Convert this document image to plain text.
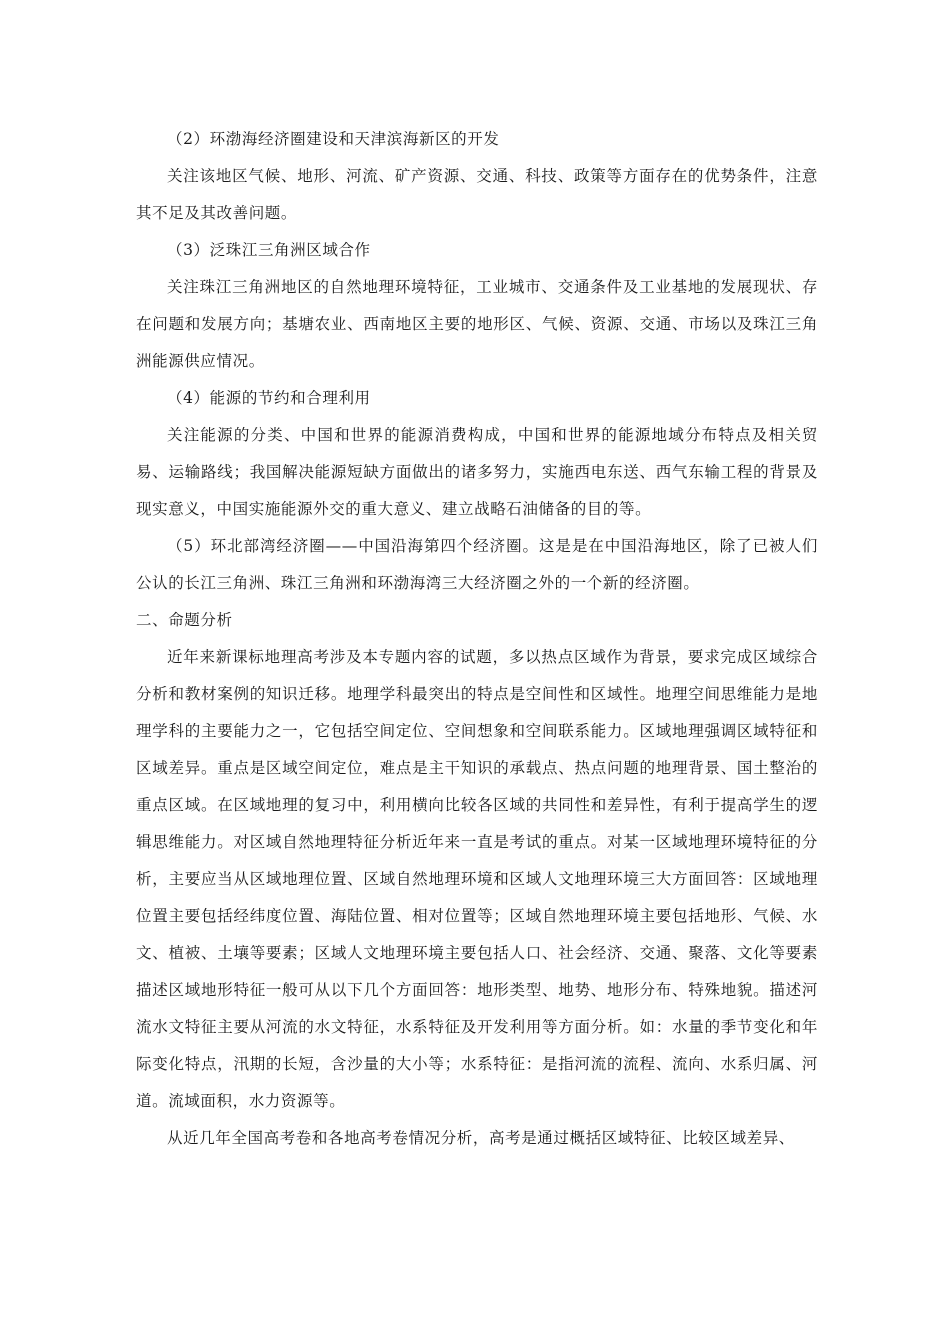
（2）环渤海经济圈建设和天津滨海新区的开发

关注该地区气候、地形、河流、矿产资源、交通、科技、政策等方面存在的优势条件，注意其不足及其改善问题。

（3）泛珠江三角洲区域合作

关注珠江三角洲地区的自然地理环境特征，工业城市、交通条件及工业基地的发展现状、存在问题和发展方向；基塘农业、西南地区主要的地形区、气候、资源、交通、市场以及珠江三角洲能源供应情况。

（4）能源的节约和合理利用

关注能源的分类、中国和世界的能源消费构成，中国和世界的能源地域分布特点及相关贸易、运输路线；我国解决能源短缺方面做出的诸多努力，实施西电东送、西气东输工程的背景及现实意义，中国实施能源外交的重大意义、建立战略石油储备的目的等。

（5）环北部湾经济圈——中国沿海第四个经济圈。这是是在中国沿海地区，除了已被人们公认的长江三角洲、珠江三角洲和环渤海湾三大经济圈之外的一个新的经济圈。

二、命题分析

近年来新课标地理高考涉及本专题内容的试题，多以热点区域作为背景，要求完成区域综合分析和教材案例的知识迁移。地理学科最突出的特点是空间性和区域性。地理空间思维能力是地理学科的主要能力之一，它包括空间定位、空间想象和空间联系能力。区域地理强调区域特征和区域差异。重点是区域空间定位，难点是主干知识的承载点、热点问题的地理背景、国土整治的重点区域。在区域地理的复习中，利用横向比较各区域的共同性和差异性，有利于提高学生的逻辑思维能力。对区域自然地理特征分析近年来一直是考试的重点。对某一区域地理环境特征的分析，主要应当从区域地理位置、区域自然地理环境和区域人文地理环境三大方面回答：区域地理位置主要包括经纬度位置、海陆位置、相对位置等；区域自然地理环境主要包括地形、气候、水文、植被、土壤等要素；区域人文地理环境主要包括人口、社会经济、交通、聚落、文化等要素描述区域地形特征一般可从以下几个方面回答：地形类型、地势、地形分布、特殊地貌。描述河流水文特征主要从河流的水文特征，水系特征及开发利用等方面分析。如：水量的季节变化和年际变化特点，汛期的长短，含沙量的大小等；水系特征：是指河流的流程、流向、水系归属、河道。流域面积，水力资源等。

从近几年全国高考卷和各地高考卷情况分析，高考是通过概括区域特征、比较区域差异、
